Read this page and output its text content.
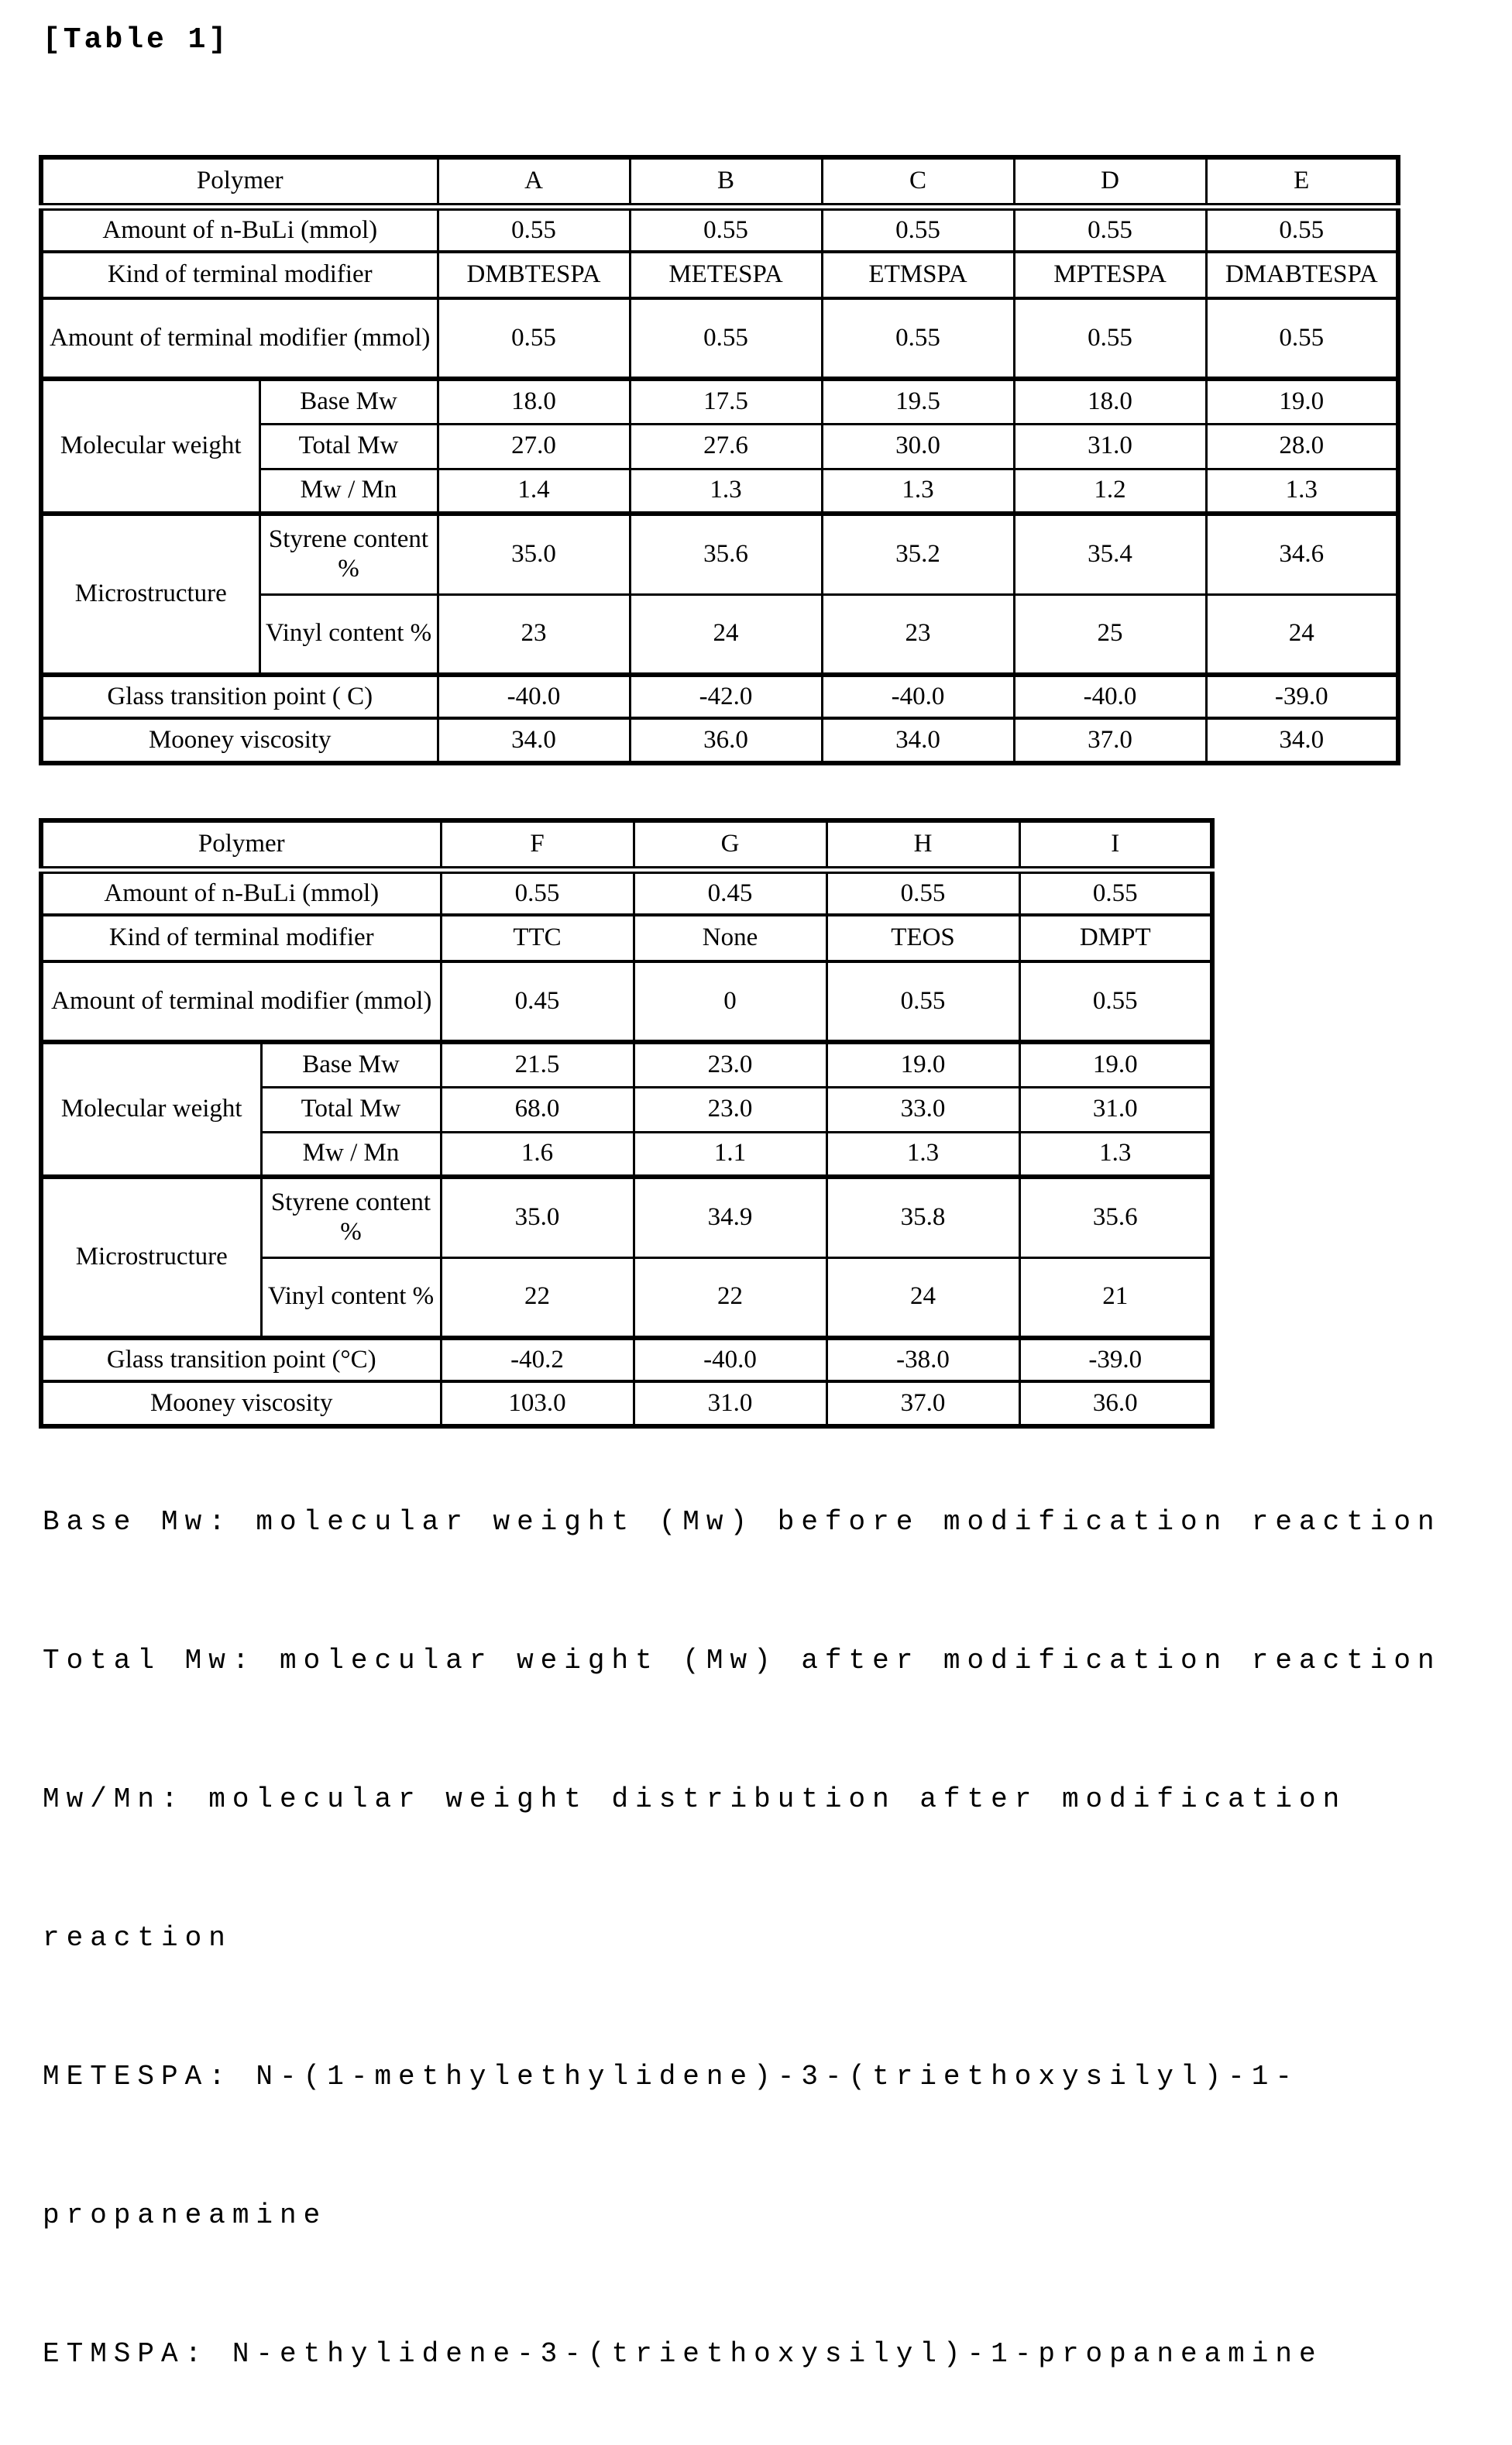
[Table 1]
Polymer		A	B	C	D	E
Amount of n-BuLi (mmol)		0.55	0.55	0.55	0.55	0.55
Kind of terminal modifier		DMBTESPA	METESPA	ETMSPA	MPTESPA	DMABTESPA
Amount of terminal modifier (mmol)		0.55	0.55	0.55	0.55	0.55
Molecular weight	Base Mw	18.0	17.5	19.5	18.0	19.0
	Total Mw	27.0	27.6	30.0	31.0	28.0
	Mw / Mn	1.4	1.3	1.3	1.2	1.3
Microstructure	Styrene content %	35.0	35.6	35.2	35.4	34.6
	Vinyl content %	23	24	23	25	24
Glass transition point ( C)		-40.0	-42.0	-40.0	-40.0	-39.0
Mooney viscosity		34.0	36.0	34.0	37.0	34.0
Polymer		F	G	H	I
Amount of n-BuLi (mmol)		0.55	0.45	0.55	0.55
Kind of terminal modifier		TTC	None	TEOS	DMPT
Amount of terminal modifier (mmol)		0.45	0	0.55	0.55
Molecular weight	Base Mw	21.5	23.0	19.0	19.0
	Total Mw	68.0	23.0	33.0	31.0
	Mw / Mn	1.6	1.1	1.3	1.3
Microstructure	Styrene content %	35.0	34.9	35.8	35.6
	Vinyl content %	22	22	24	21
Glass transition point (°C)		-40.2	-40.0	-38.0	-39.0
Mooney viscosity		103.0	31.0	37.0	36.0

Base Mw: molecular weight (Mw) before modification reaction

Total Mw: molecular weight (Mw) after modification reaction

Mw/Mn: molecular weight distribution after modification

reaction

METESPA: N-(1-methylethylidene)-3-(triethoxysilyl)-1-

propaneamine

ETMSPA: N-ethylidene-3-(triethoxysilyl)-1-propaneamine
